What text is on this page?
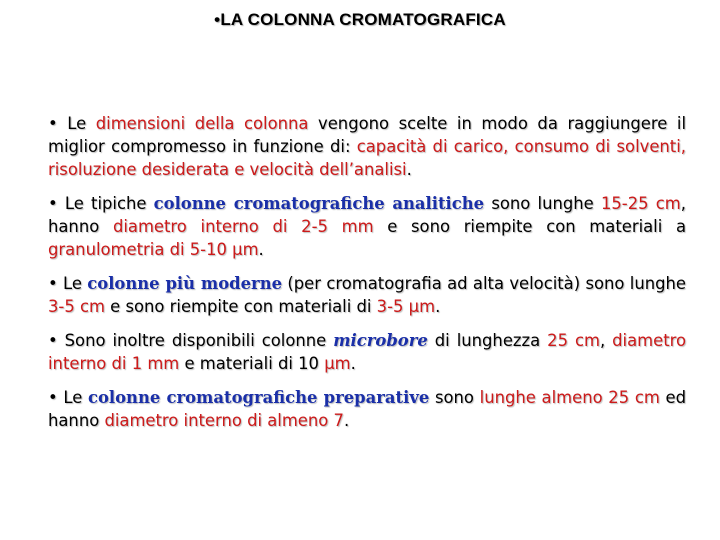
•LA COLONNA CROMATOGRAFICA

• Le dimensioni della colonna vengono scelte in modo da raggiungere il miglior compromesso in funzione di: capacità di carico, consumo di solventi, risoluzione desiderata e velocità dell’analisi.

• Le tipiche colonne cromatografiche analitiche sono lunghe 15-25 cm, hanno diametro interno di 2-5 mm e sono riempite con materiali a granulometria di 5-10 μm.

• Le colonne più moderne (per cromatografia ad alta velocità) sono lunghe 3-5 cm e sono riempite con materiali di 3-5 μm.

• Sono inoltre disponibili colonne microbore di lunghezza 25 cm, diametro interno di 1 mm e materiali di 10 μm.

• Le colonne cromatografiche preparative sono lunghe almeno 25 cm ed hanno diametro interno di almeno 7.
